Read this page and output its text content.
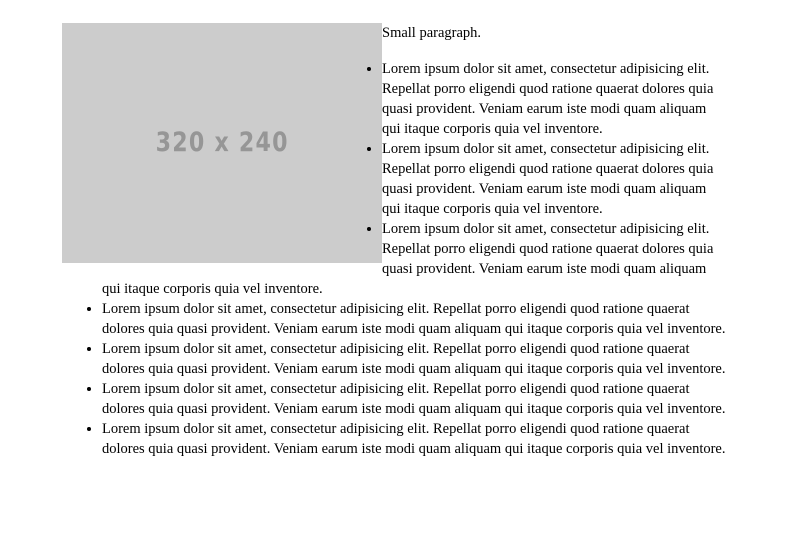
320 x 240

Small paragraph.

• Lorem ipsum dolor sit amet, consectetur adipisicing elit. Repellat porro eligendi quod ratione quaerat dolores quia quasi provident. Veniam earum iste modi quam aliquam qui itaque corporis quia vel inventore.
• Lorem ipsum dolor sit amet, consectetur adipisicing elit. Repellat porro eligendi quod ratione quaerat dolores quia quasi provident. Veniam earum iste modi quam aliquam qui itaque corporis quia vel inventore.
• Lorem ipsum dolor sit amet, consectetur adipisicing elit. Repellat porro eligendi quod ratione quaerat dolores quia quasi provident. Veniam earum iste modi quam aliquam qui itaque corporis quia vel inventore.
• Lorem ipsum dolor sit amet, consectetur adipisicing elit. Repellat porro eligendi quod ratione quaerat dolores quia quasi provident. Veniam earum iste modi quam aliquam qui itaque corporis quia vel inventore.
• Lorem ipsum dolor sit amet, consectetur adipisicing elit. Repellat porro eligendi quod ratione quaerat dolores quia quasi provident. Veniam earum iste modi quam aliquam qui itaque corporis quia vel inventore.
• Lorem ipsum dolor sit amet, consectetur adipisicing elit. Repellat porro eligendi quod ratione quaerat dolores quia quasi provident. Veniam earum iste modi quam aliquam qui itaque corporis quia vel inventore.
• Lorem ipsum dolor sit amet, consectetur adipisicing elit. Repellat porro eligendi quod ratione quaerat dolores quia quasi provident. Veniam earum iste modi quam aliquam qui itaque corporis quia vel inventore.
